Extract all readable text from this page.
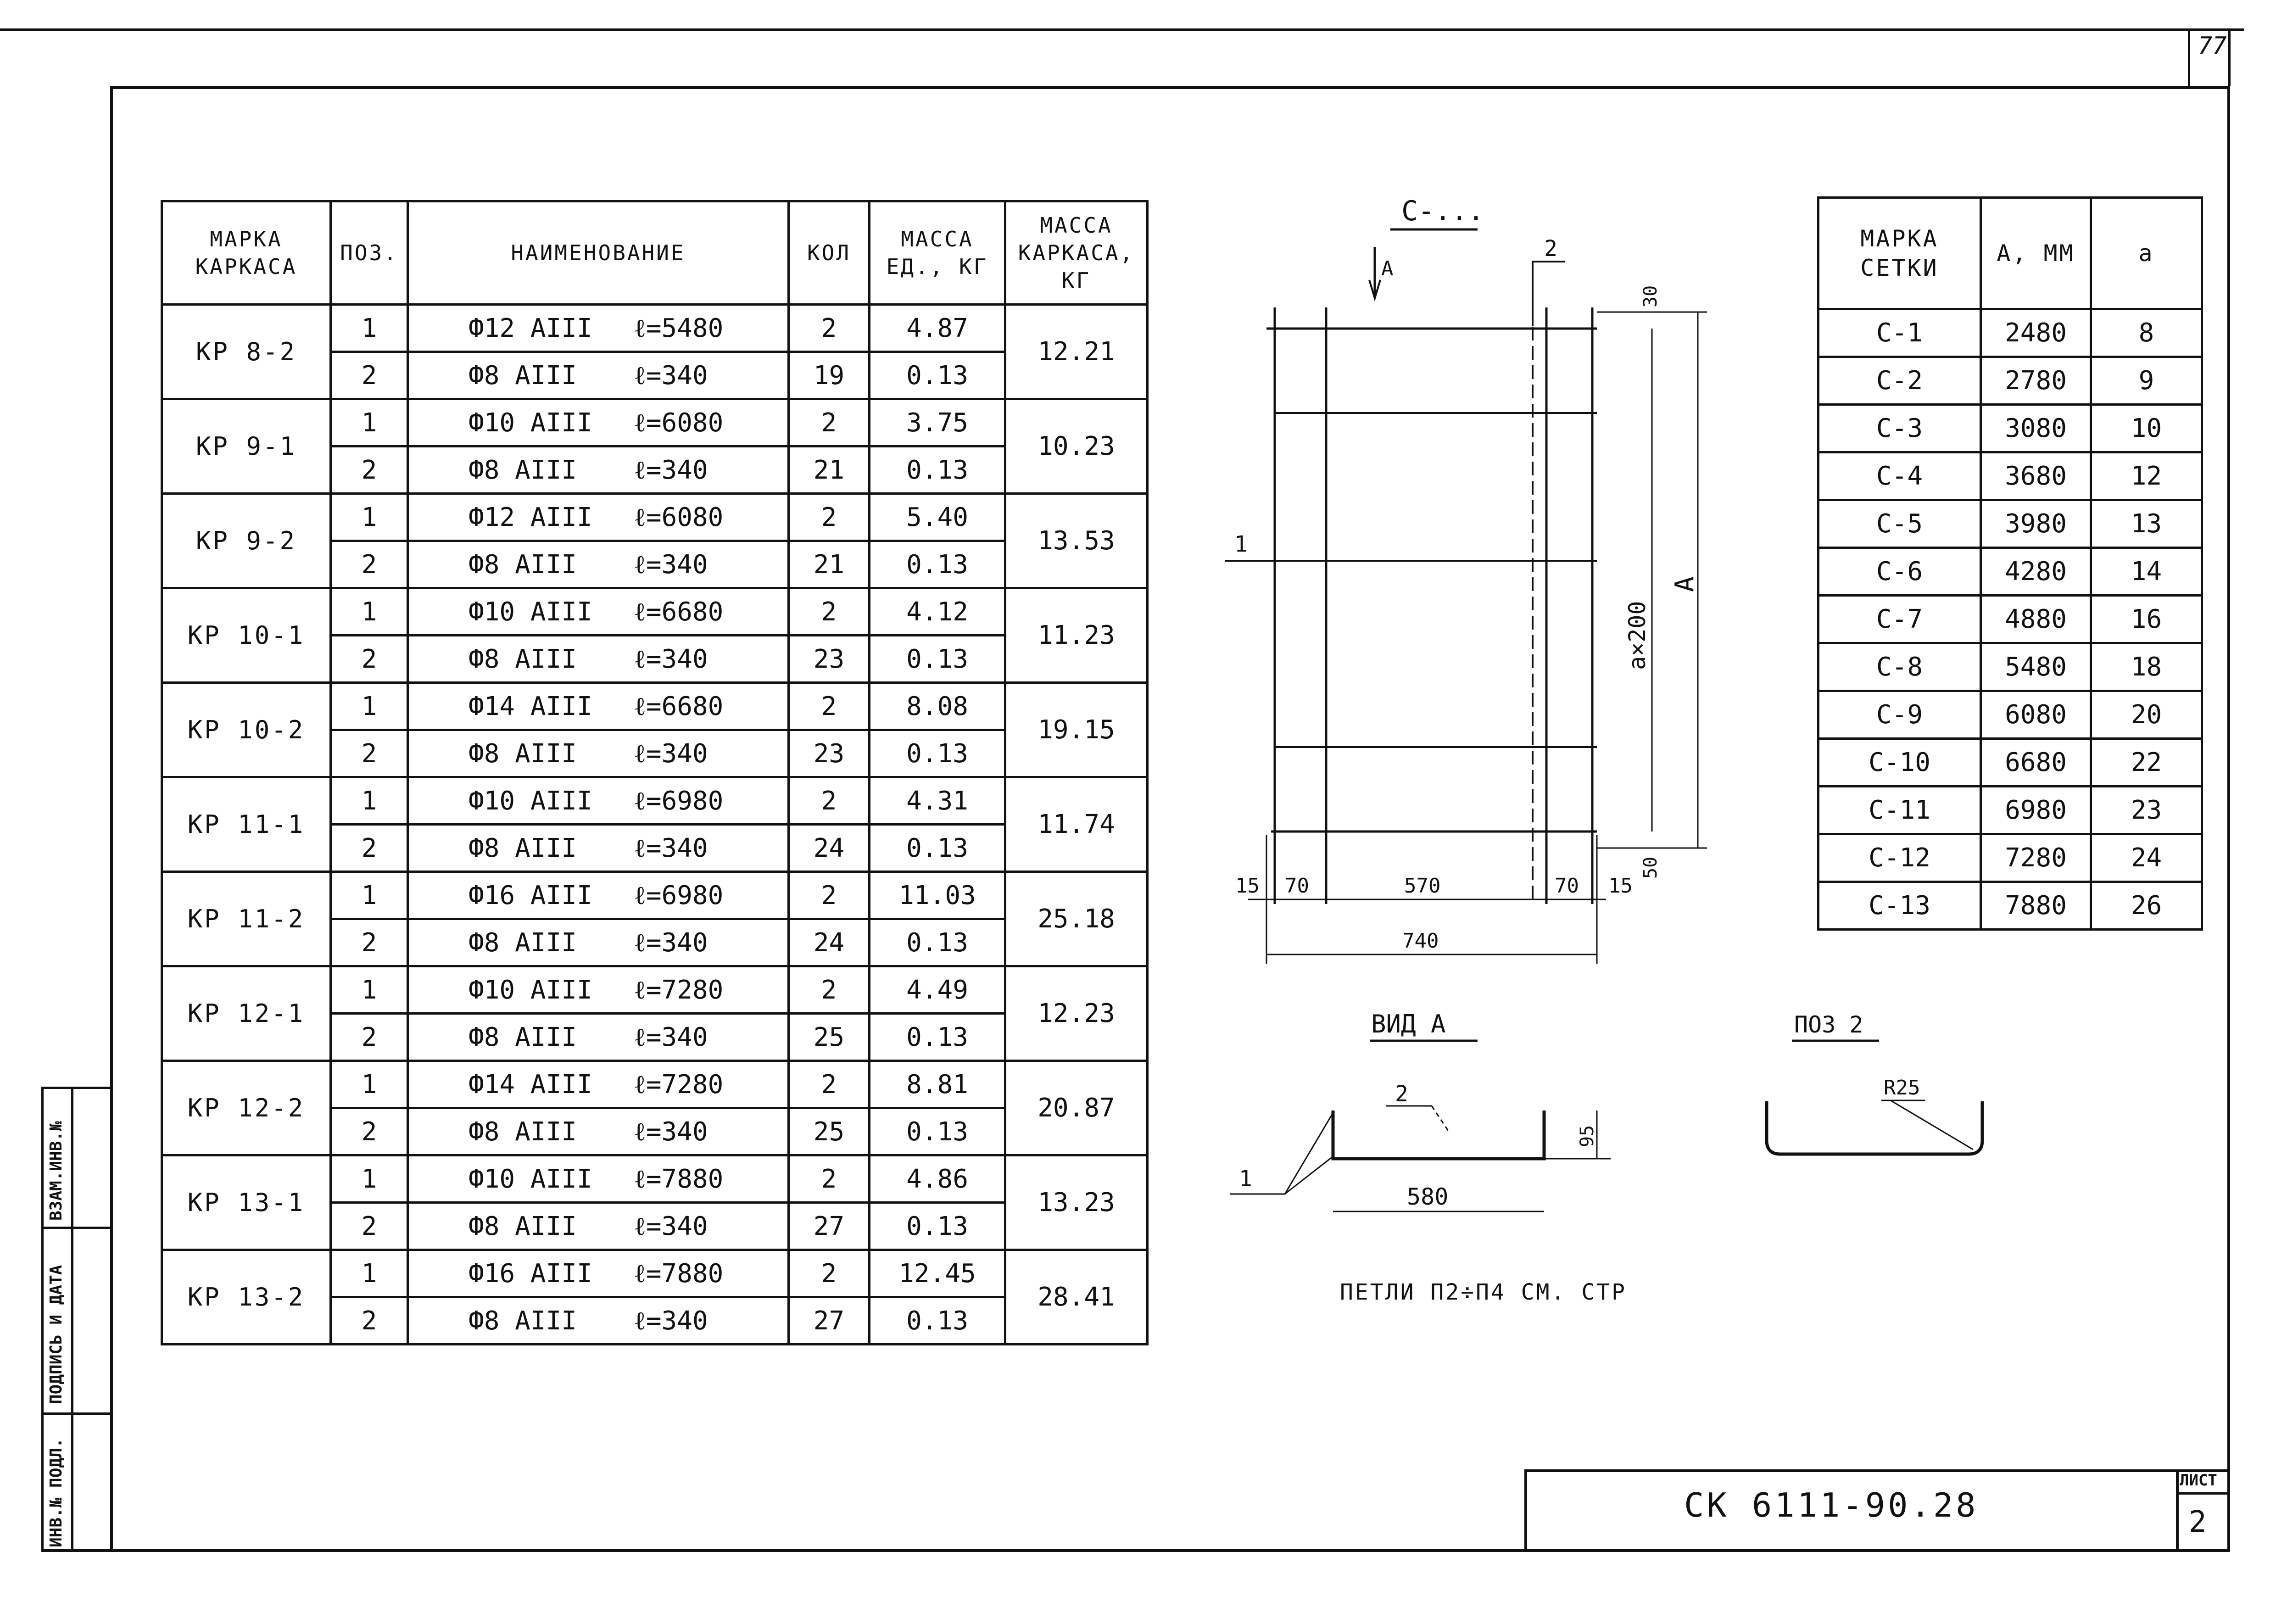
77
МАРКА КАРКАСА	ПОЗ.	НАИМЕНОВАНИЕ	КОЛ	МАССА ЕД., КГ	МАССА КАРКАСА, КГ
КР 8-2	1	Ф12 АIII ℓ=5480	2	4.87	12.21
	2	Ф8 АIII ℓ=340	19	0.13	
КР 9-1	1	Ф10 АIII ℓ=6080	2	3.75	10.23
	2	Ф8 АIII ℓ=340	21	0.13	
КР 9-2	1	Ф12 АIII ℓ=6080	2	5.40	13.53
	2	Ф8 АIII ℓ=340	21	0.13	
КР 10-1	1	Ф10 АIII ℓ=6680	2	4.12	11.23
	2	Ф8 АIII ℓ=340	23	0.13	
КР 10-2	1	Ф14 АIII ℓ=6680	2	8.08	19.15
	2	Ф8 АIII ℓ=340	23	0.13	
КР 11-1	1	Ф10 АIII ℓ=6980	2	4.31	11.74
	2	Ф8 АIII ℓ=340	24	0.13	
КР 11-2	1	Ф16 АIII ℓ=6980	2	11.03	25.18
	2	Ф8 АIII ℓ=340	24	0.13	
КР 12-1	1	Ф10 АIII ℓ=7280	2	4.49	12.23
	2	Ф8 АIII ℓ=340	25	0.13	
КР 12-2	1	Ф14 АIII ℓ=7280	2	8.81	20.87
	2	Ф8 АIII ℓ=340	25	0.13	
КР 13-1	1	Ф10 АIII ℓ=7880	2	4.86	13.23
	2	Ф8 АIII ℓ=340	27	0.13	
КР 13-2	1	Ф16 АIII ℓ=7880	2	12.45	28.41
	2	Ф8 АIII ℓ=340	27	0.13	
МАРКА СЕТКИ	А, ММ	а
С-1	2480	8
С-2	2780	9
С-3	3080	10
С-4	3680	12
С-5	3980	13
С-6	4280	14
С-7	4880	16
С-8	5480	18
С-9	6080	20
С-10	6680	22
С-11	6980	23
С-12	7280	24
С-13	7880	26
С-...
А
2
1
30
50
а×200
А
15 70	570	70 15
740
ВИД А
2
1
95
580
ПОЗ 2
R25
ПЕТЛИ П2÷П4 СМ. СТР
ВЗАМ.ИНВ.№
ПОДПИСЬ И ДАТА
ИНВ.№ ПОДЛ.	СК 6111-90.28
ЛИСТ
2
